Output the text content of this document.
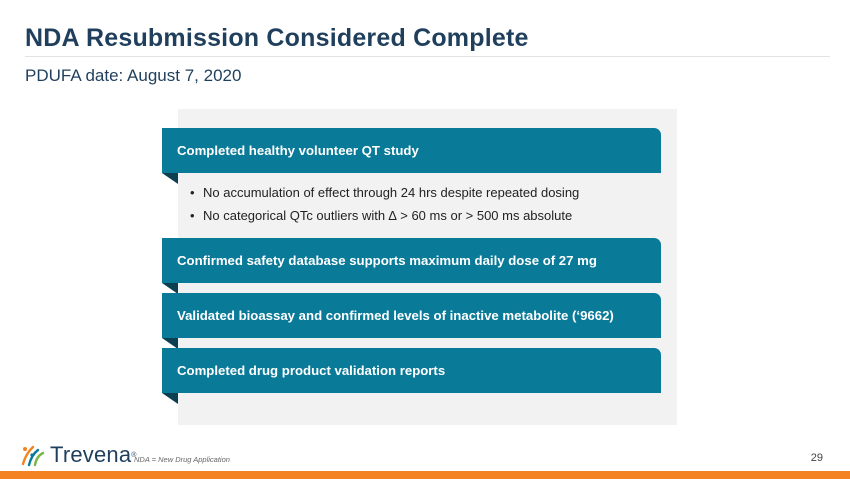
NDA Resubmission Considered Complete
PDUFA date: August 7, 2020
Completed healthy volunteer QT study
• No accumulation of effect through 24 hrs despite repeated dosing
• No categorical QTc outliers with ∆ > 60 ms or > 500 ms absolute
Confirmed safety database supports maximum daily dose of 27 mg
Validated bioassay and confirmed levels of inactive metabolite (‘9662)
Completed drug product validation reports
Trevena ®
NDA = New Drug Application	29
